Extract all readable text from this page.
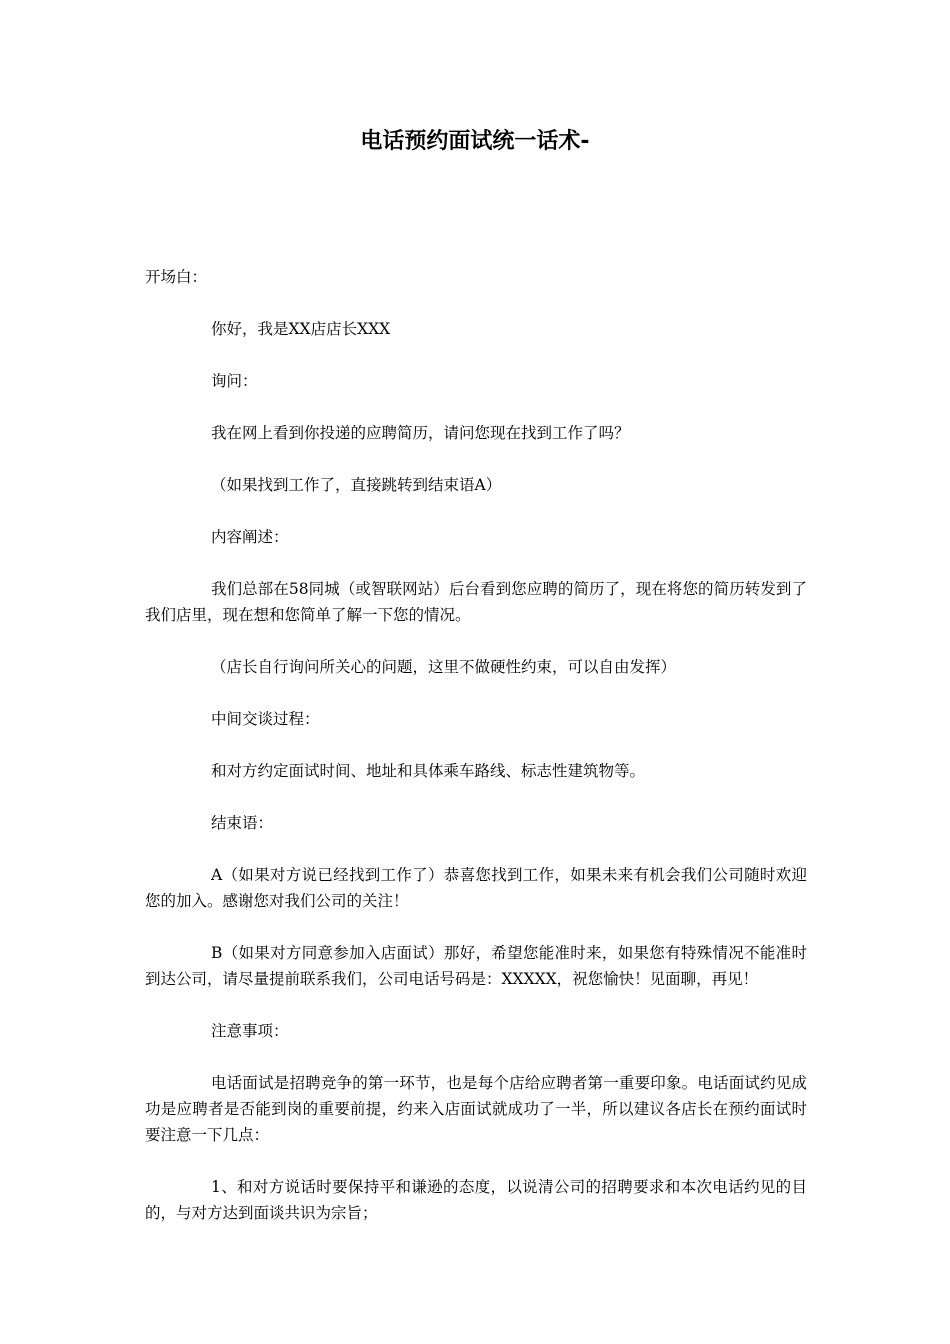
电话预约面试统一话术-

开场白：

你好，我是XX店店长XXX

询问：

我在网上看到你投递的应聘简历，请问您现在找到工作了吗？

（如果找到工作了，直接跳转到结束语A）

内容阐述：

我们总部在58同城（或智联网站）后台看到您应聘的简历了，现在将您的简历转发到了我们店里，现在想和您简单了解一下您的情况。

（店长自行询问所关心的问题，这里不做硬性约束，可以自由发挥）

中间交谈过程：

和对方约定面试时间、地址和具体乘车路线、标志性建筑物等。

结束语：

A（如果对方说已经找到工作了）恭喜您找到工作，如果未来有机会我们公司随时欢迎您的加入。感谢您对我们公司的关注！

B（如果对方同意参加入店面试）那好，希望您能准时来，如果您有特殊情况不能准时到达公司，请尽量提前联系我们，公司电话号码是：XXXXX，祝您愉快！见面聊，再见！

注意事项：

电话面试是招聘竞争的第一环节，也是每个店给应聘者第一重要印象。电话面试约见成功是应聘者是否能到岗的重要前提，约来入店面试就成功了一半，所以建议各店长在预约面试时要注意一下几点：

1、和对方说话时要保持平和谦逊的态度，以说清公司的招聘要求和本次电话约见的目的，与对方达到面谈共识为宗旨；
